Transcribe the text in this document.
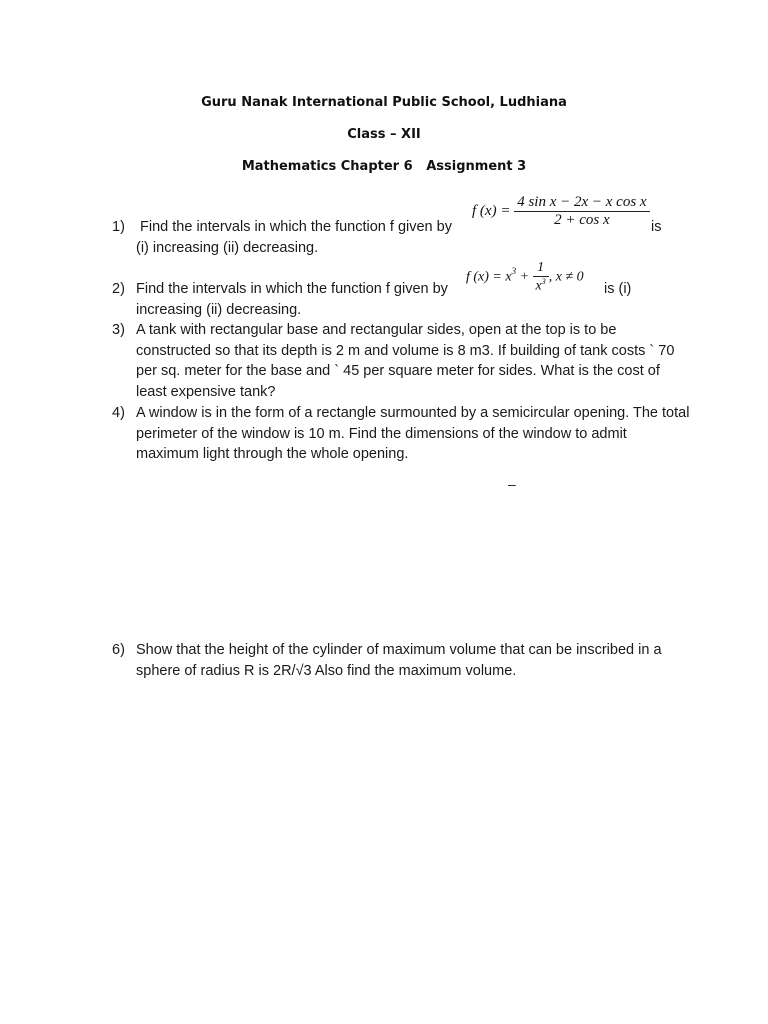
Guru Nanak International Public School, Ludhiana
Class – XII
Mathematics Chapter 6   Assignment 3
1) Find the intervals in which the function f given by
(i) increasing (ii) decreasing.
is
f $(x) = \frac{\text{4 sin x − 2x − x cos x}}{\text{2 + cos x}}$
2) Find the intervals in which the function f given by
increasing (ii) decreasing.
is (i)
f $(x) = x^3 + \frac{1}{x^3}$ , x ≠ 0
3) A tank with rectangular base and rectangular sides, open at the top is to be constructed so that its depth is 2 m and volume is 8 m3. If building of tank costs ` 70 per sq. meter for the base and ` 45 per square meter for sides. What is the cost of least expensive tank?
4) A window is in the form of a rectangle surmounted by a semicircular opening. The total perimeter of the window is 10 m. Find the dimensions of the window to admit maximum light through the whole opening.
–
6) Show that the height of the cylinder of maximum volume that can be inscribed in a sphere of radius R is 2R/√3 Also find the maximum volume.
